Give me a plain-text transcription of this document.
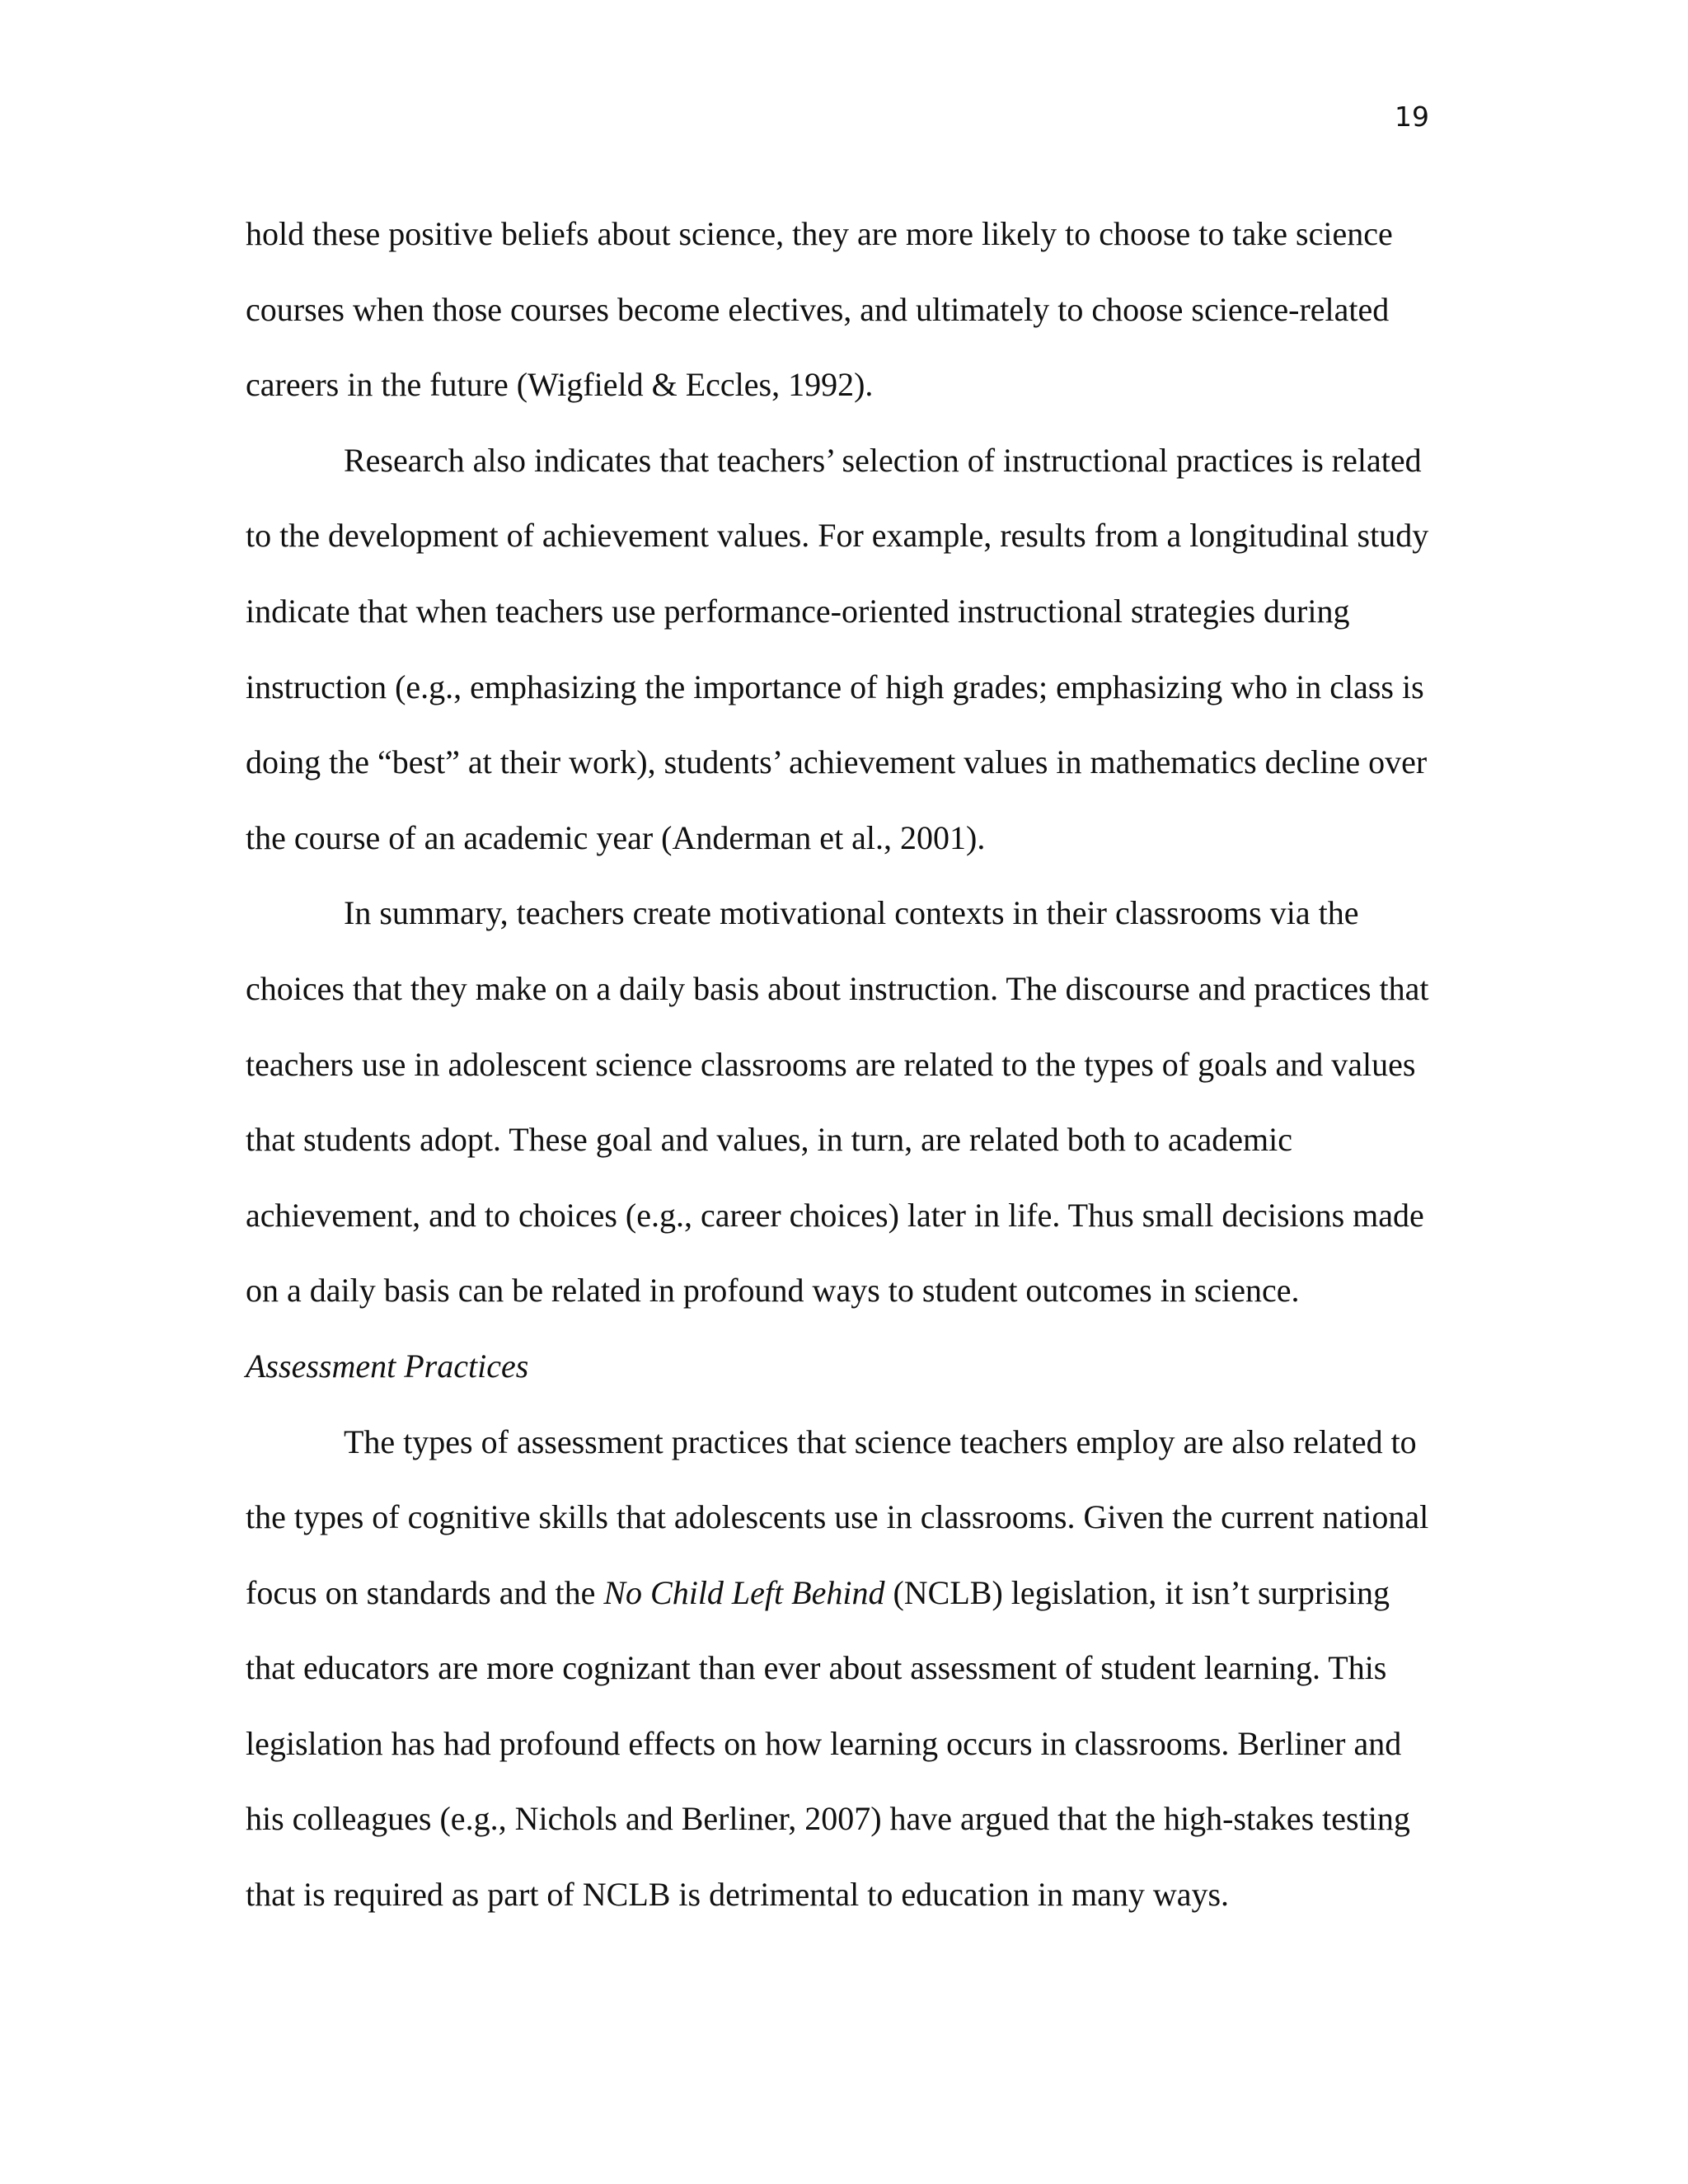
19

hold these positive beliefs about science, they are more likely to choose to take science courses when those courses become electives, and ultimately to choose science-related careers in the future (Wigfield & Eccles, 1992).

Research also indicates that teachers’ selection of instructional practices is related to the development of achievement values. For example, results from a longitudinal study indicate that when teachers use performance-oriented instructional strategies during instruction (e.g., emphasizing the importance of high grades; emphasizing who in class is doing the “best” at their work), students’ achievement values in mathematics decline over the course of an academic year (Anderman et al., 2001).

In summary, teachers create motivational contexts in their classrooms via the choices that they make on a daily basis about instruction. The discourse and practices that teachers use in adolescent science classrooms are related to the types of goals and values that students adopt. These goal and values, in turn, are related both to academic achievement, and to choices (e.g., career choices) later in life. Thus small decisions made on a daily basis can be related in profound ways to student outcomes in science.

Assessment Practices

The types of assessment practices that science teachers employ are also related to the types of cognitive skills that adolescents use in classrooms. Given the current national focus on standards and the No Child Left Behind (NCLB) legislation, it isn’t surprising that educators are more cognizant than ever about assessment of student learning. This legislation has had profound effects on how learning occurs in classrooms. Berliner and his colleagues (e.g., Nichols and Berliner, 2007) have argued that the high-stakes testing that is required as part of NCLB is detrimental to education in many ways.
